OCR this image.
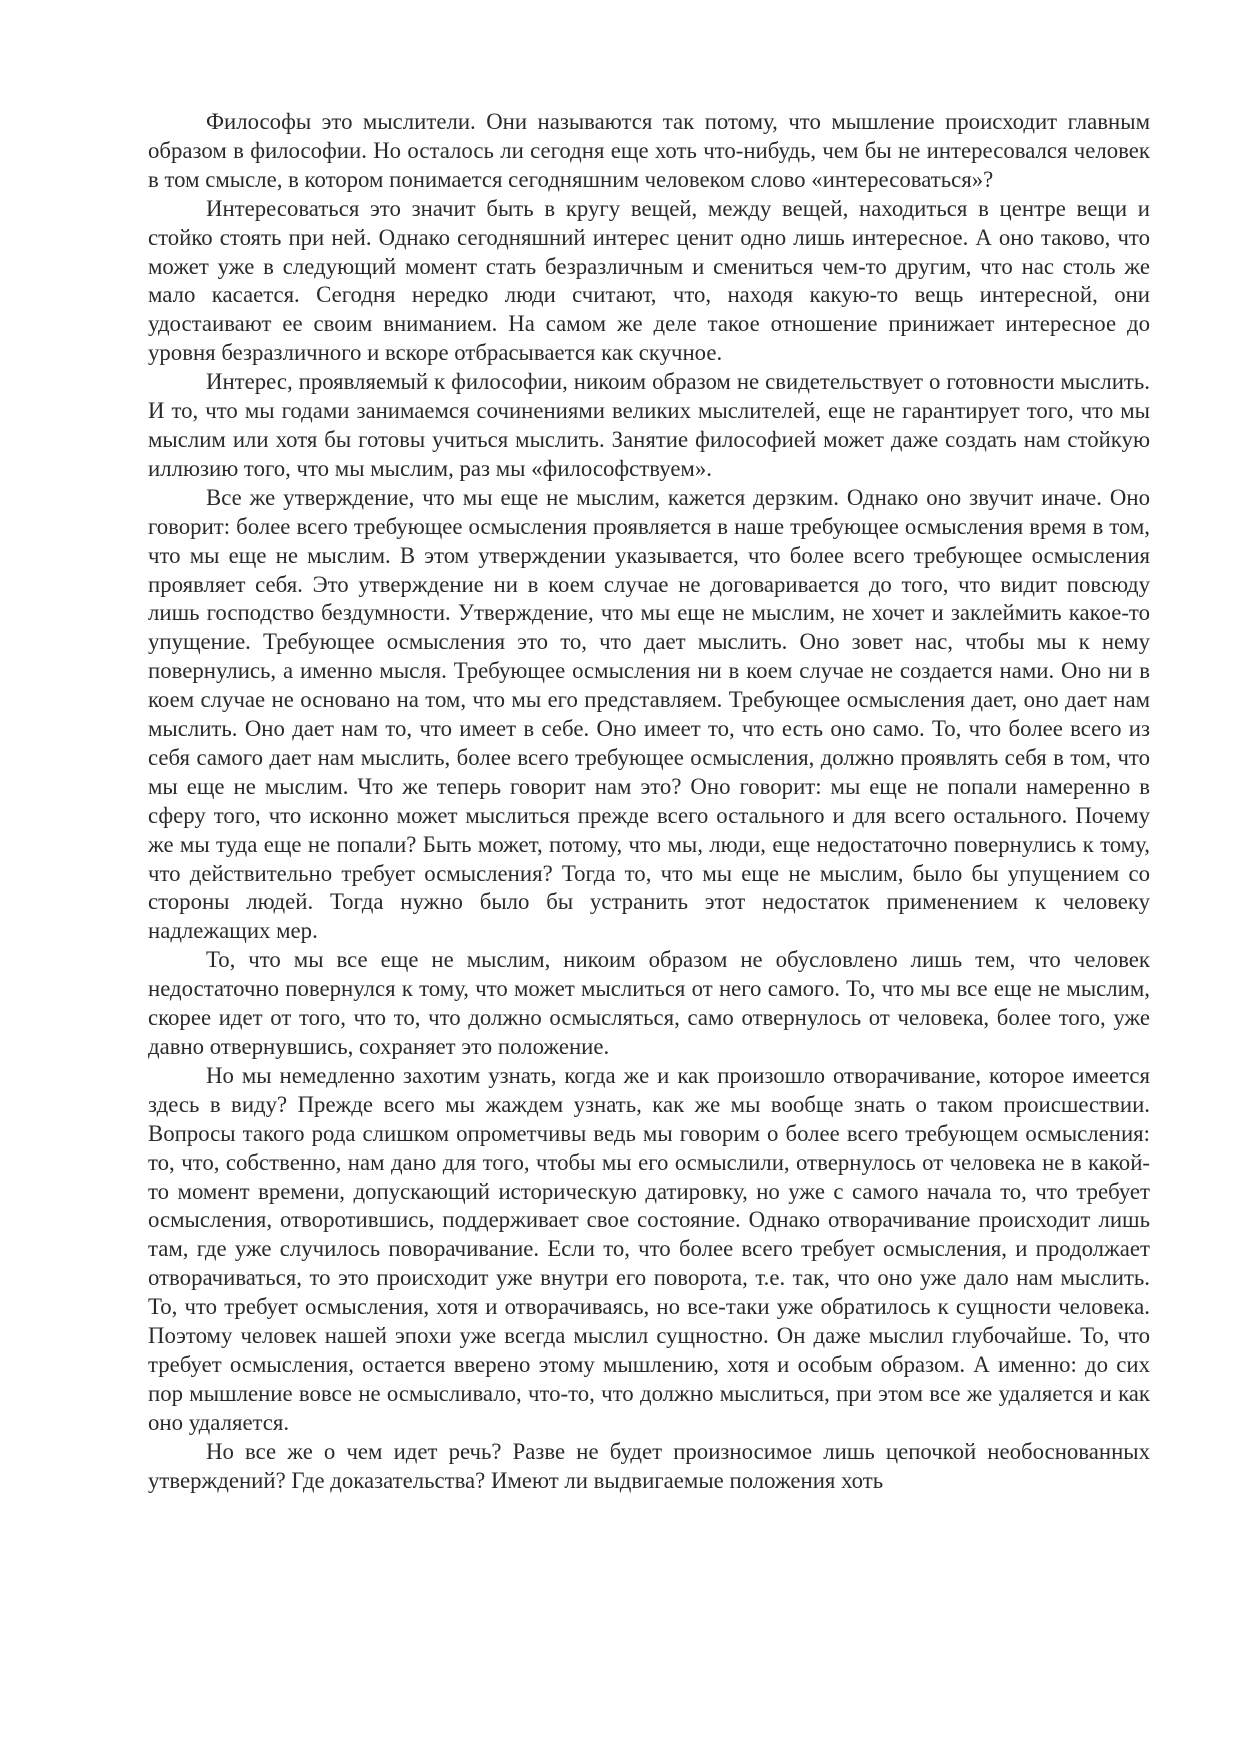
Философы это мыслители. Они называются так потому, что мышление происходит главным образом в философии. Но осталось ли сегодня еще хоть что-нибудь, чем бы не интересовался человек в том смысле, в котором понимается сегодняшним человеком слово «интересоваться»?

Интересоваться это значит быть в кругу вещей, между вещей, находиться в центре вещи и стойко стоять при ней. Однако сегодняшний интерес ценит одно лишь интересное. А оно таково, что может уже в следующий момент стать безразличным и смениться чем-то другим, что нас столь же мало касается. Сегодня нередко люди считают, что, находя какую-то вещь интересной, они удостаивают ее своим вниманием. На самом же деле такое отношение принижает интересное до уровня безразличного и вскоре отбрасывается как скучное.

Интерес, проявляемый к философии, никоим образом не свидетельствует о готовности мыслить. И то, что мы годами занимаемся сочинениями великих мыслителей, еще не гарантирует того, что мы мыслим или хотя бы готовы учиться мыслить. Занятие философией может даже создать нам стойкую иллюзию того, что мы мыслим, раз мы «философствуем».

Все же утверждение, что мы еще не мыслим, кажется дерзким. Однако оно звучит иначе. Оно говорит: более всего требующее осмысления проявляется в наше требующее осмысления время в том, что мы еще не мыслим. В этом утверждении указывается, что более всего требующее осмысления проявляет себя. Это утверждение ни в коем случае не договаривается до того, что видит повсюду лишь господство бездумности. Утверждение, что мы еще не мыслим, не хочет и заклеймить какое-то упущение. Требующее осмысления это то, что дает мыслить. Оно зовет нас, чтобы мы к нему повернулись, а именно мысля. Требующее осмысления ни в коем случае не создается нами. Оно ни в коем случае не основано на том, что мы его представляем. Требующее осмысления дает, оно дает нам мыслить. Оно дает нам то, что имеет в себе. Оно имеет то, что есть оно само. То, что более всего из себя самого дает нам мыслить, более всего требующее осмысления, должно проявлять себя в том, что мы еще не мыслим. Что же теперь говорит нам это? Оно говорит: мы еще не попали намеренно в сферу того, что исконно может мыслиться прежде всего остального и для всего остального. Почему же мы туда еще не попали? Быть может, потому, что мы, люди, еще недостаточно повернулись к тому, что действительно требует осмысления? Тогда то, что мы еще не мыслим, было бы упущением со стороны людей. Тогда нужно было бы устранить этот недостаток применением к человеку надлежащих мер.

То, что мы все еще не мыслим, никоим образом не обусловлено лишь тем, что человек недостаточно повернулся к тому, что может мыслиться от него самого. То, что мы все еще не мыслим, скорее идет от того, что то, что должно осмысляться, само отвернулось от человека, более того, уже давно отвернувшись, сохраняет это положение.

Но мы немедленно захотим узнать, когда же и как произошло отворачивание, которое имеется здесь в виду? Прежде всего мы жаждем узнать, как же мы вообще знать о таком происшествии. Вопросы такого рода слишком опрометчивы ведь мы говорим о более всего требующем осмысления: то, что, собственно, нам дано для того, чтобы мы его осмыслили, отвернулось от человека не в какой-то момент времени, допускающий историческую датировку, но уже с самого начала то, что требует осмысления, отворотившись, поддерживает свое состояние. Однако отворачивание происходит лишь там, где уже случилось поворачивание. Если то, что более всего требует осмысления, и продолжает отворачиваться, то это происходит уже внутри его поворота, т.е. так, что оно уже дало нам мыслить. То, что требует осмысления, хотя и отворачиваясь, но все-таки уже обратилось к сущности человека. Поэтому человек нашей эпохи уже всегда мыслил сущностно. Он даже мыслил глубочайше. То, что требует осмысления, остается вверено этому мышлению, хотя и особым образом. А именно: до сих пор мышление вовсе не осмысливало, что-то, что должно мыслиться, при этом все же удаляется и как оно удаляется.

Но все же о чем идет речь? Разве не будет произносимое лишь цепочкой необоснованных утверждений? Где доказательства? Имеют ли выдвигаемые положения хоть
